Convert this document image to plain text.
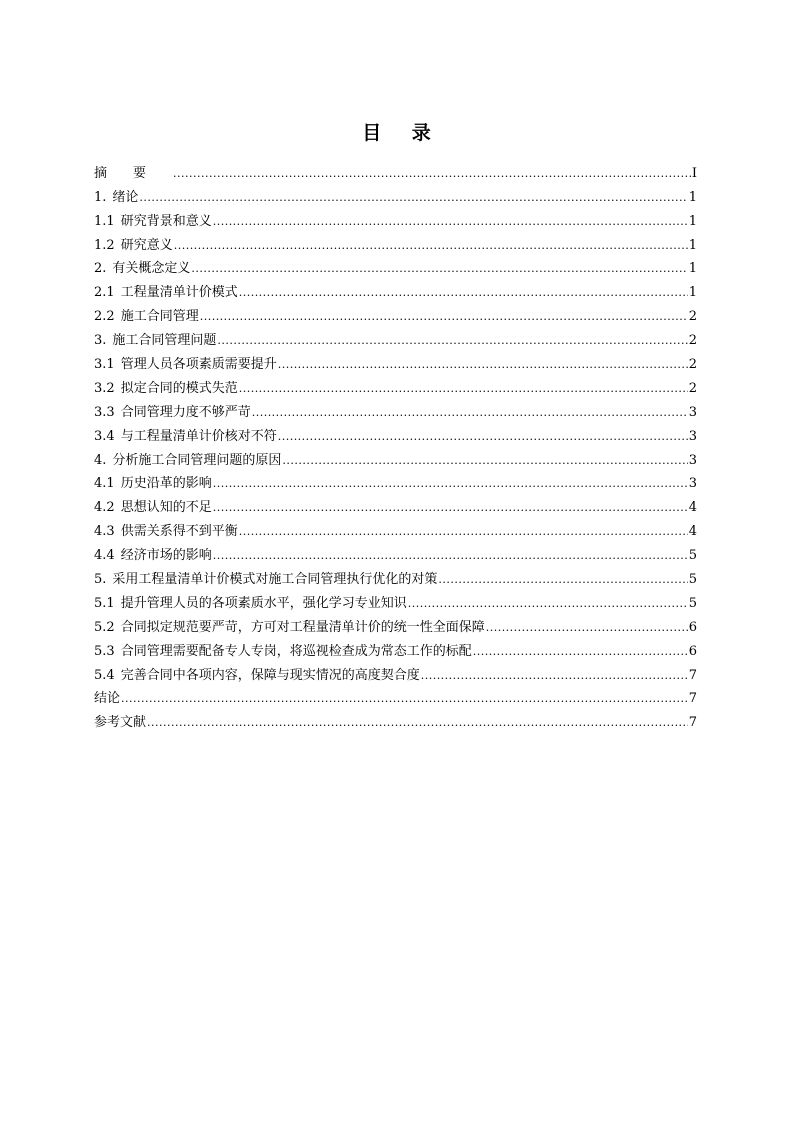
目 录
摘要 .....	I
1. 绪论 .....	1
1.1 研究背景和意义 .....	1
1.2 研究意义 .....	1
2. 有关概念定义 .....	1
2.1 工程量清单计价模式 .....	1
2.2 施工合同管理 .....	2
3. 施工合同管理问题 .....	2
3.1 管理人员各项素质需要提升 .....	2
3.2 拟定合同的模式失范 .....	2
3.3 合同管理力度不够严苛 .....	3
3.4 与工程量清单计价核对不符 .....	3
4. 分析施工合同管理问题的原因 .....	3
4.1 历史沿革的影响 .....	3
4.2 思想认知的不足 .....	4
4.3 供需关系得不到平衡 .....	4
4.4 经济市场的影响 .....	5
5. 采用工程量清单计价模式对施工合同管理执行优化的对策 .....	5
5.1 提升管理人员的各项素质水平，强化学习专业知识 .....	5
5.2 合同拟定规范要严苛，方可对工程量清单计价的统一性全面保障 .....	6
5.3 合同管理需要配备专人专岗，将巡视检查成为常态工作的标配 .....	6
5.4 完善合同中各项内容，保障与现实情况的高度契合度 .....	7
结论 .....	7
参考文献 .....	7
